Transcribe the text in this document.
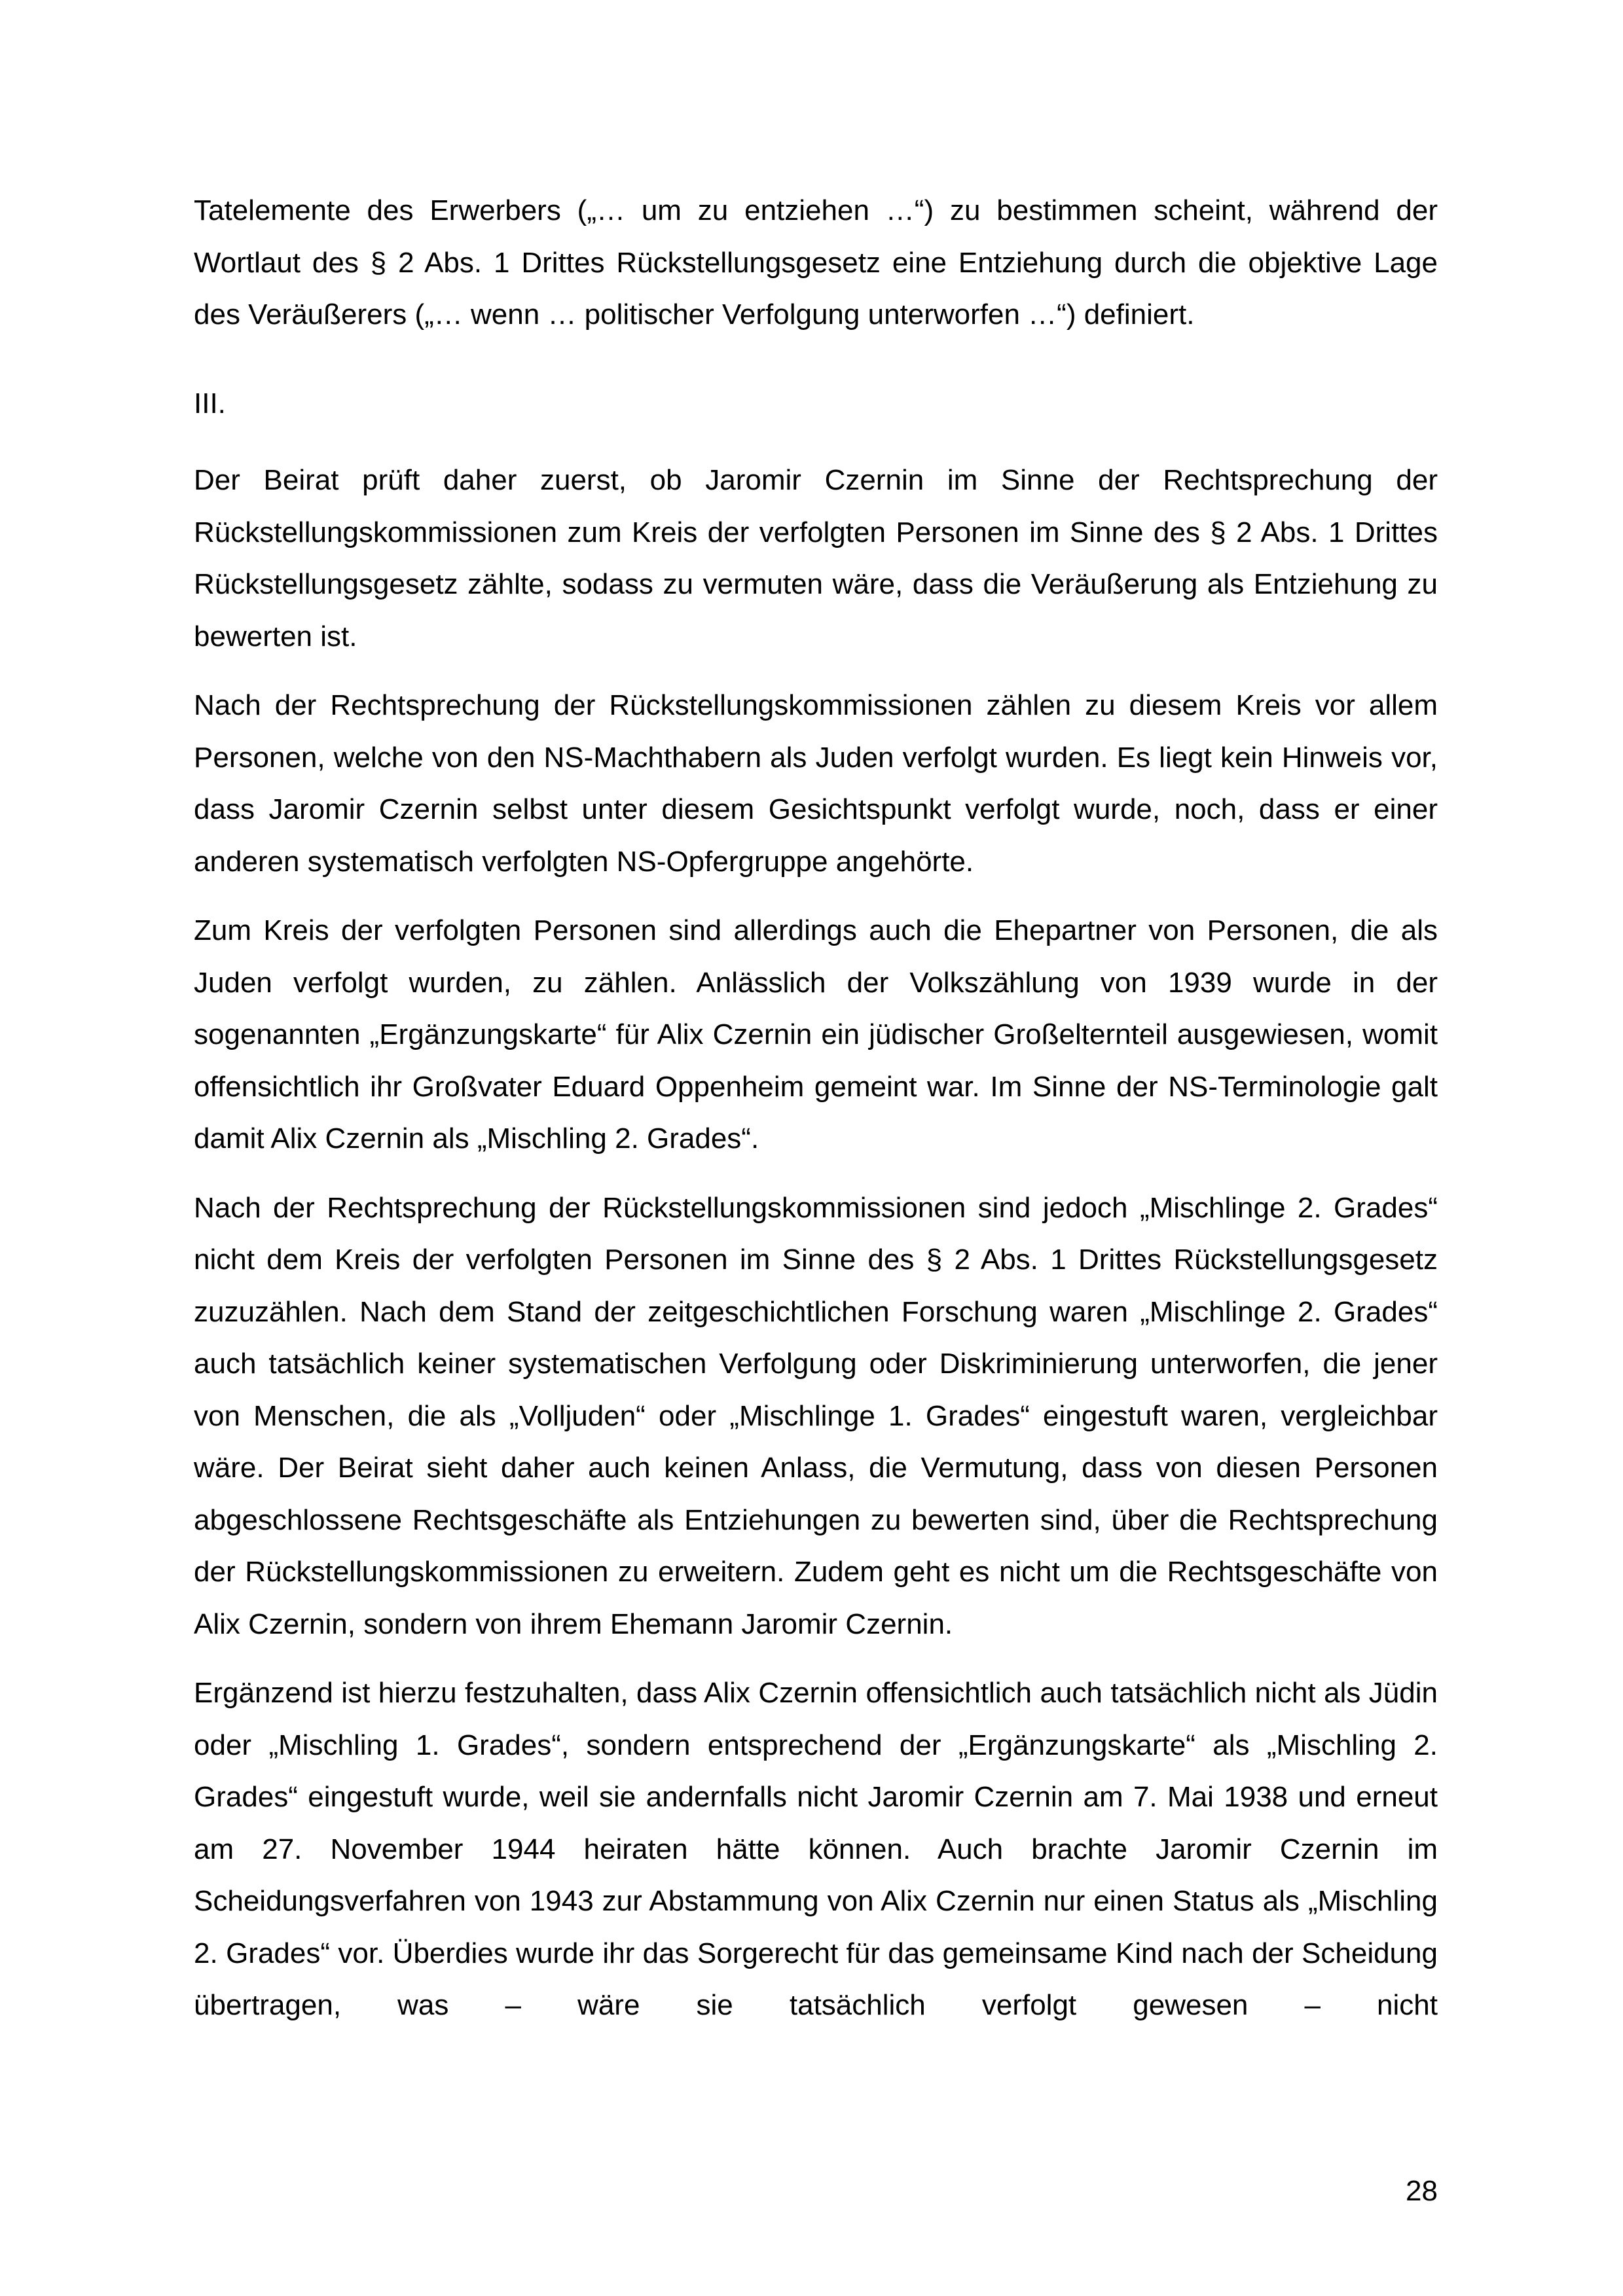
Tatelemente des Erwerbers („… um zu entziehen …“) zu bestimmen scheint, während der Wortlaut des § 2 Abs. 1 Drittes Rückstellungsgesetz eine Entziehung durch die objektive Lage des Veräußerers („… wenn … politischer Verfolgung unterworfen …“) definiert.

III.

Der Beirat prüft daher zuerst, ob Jaromir Czernin im Sinne der Rechtsprechung der Rückstellungskommissionen zum Kreis der verfolgten Personen im Sinne des § 2 Abs. 1 Drittes Rückstellungsgesetz zählte, sodass zu vermuten wäre, dass die Veräußerung als Entziehung zu bewerten ist.

Nach der Rechtsprechung der Rückstellungskommissionen zählen zu diesem Kreis vor allem Personen, welche von den NS-Machthabern als Juden verfolgt wurden. Es liegt kein Hinweis vor, dass Jaromir Czernin selbst unter diesem Gesichtspunkt verfolgt wurde, noch, dass er einer anderen systematisch verfolgten NS-Opfergruppe angehörte.

Zum Kreis der verfolgten Personen sind allerdings auch die Ehepartner von Personen, die als Juden verfolgt wurden, zu zählen. Anlässlich der Volkszählung von 1939 wurde in der sogenannten „Ergänzungskarte“ für Alix Czernin ein jüdischer Großelternteil ausgewiesen, womit offensichtlich ihr Großvater Eduard Oppenheim gemeint war. Im Sinne der NS-Terminologie galt damit Alix Czernin als „Mischling 2. Grades“.

Nach der Rechtsprechung der Rückstellungskommissionen sind jedoch „Mischlinge 2. Grades“ nicht dem Kreis der verfolgten Personen im Sinne des § 2 Abs. 1 Drittes Rückstellungsgesetz zuzuzählen. Nach dem Stand der zeitgeschichtlichen Forschung waren „Mischlinge 2. Grades“ auch tatsächlich keiner systematischen Verfolgung oder Diskriminierung unterworfen, die jener von Menschen, die als „Volljuden“ oder „Mischlinge 1. Grades“ eingestuft waren, vergleichbar wäre. Der Beirat sieht daher auch keinen Anlass, die Vermutung, dass von diesen Personen abgeschlossene Rechtsgeschäfte als Entziehungen zu bewerten sind, über die Rechtsprechung der Rückstellungskommissionen zu erweitern. Zudem geht es nicht um die Rechtsgeschäfte von Alix Czernin, sondern von ihrem Ehemann Jaromir Czernin.

Ergänzend ist hierzu festzuhalten, dass Alix Czernin offensichtlich auch tatsächlich nicht als Jüdin oder „Mischling 1. Grades“, sondern entsprechend der „Ergänzungskarte“ als „Mischling 2. Grades“ eingestuft wurde, weil sie andernfalls nicht Jaromir Czernin am 7. Mai 1938 und erneut am 27. November 1944 heiraten hätte können. Auch brachte Jaromir Czernin im Scheidungsverfahren von 1943 zur Abstammung von Alix Czernin nur einen Status als „Mischling 2. Grades“ vor. Überdies wurde ihr das Sorgerecht für das gemeinsame Kind nach der Scheidung übertragen, was – wäre sie tatsächlich verfolgt gewesen – nicht

28
